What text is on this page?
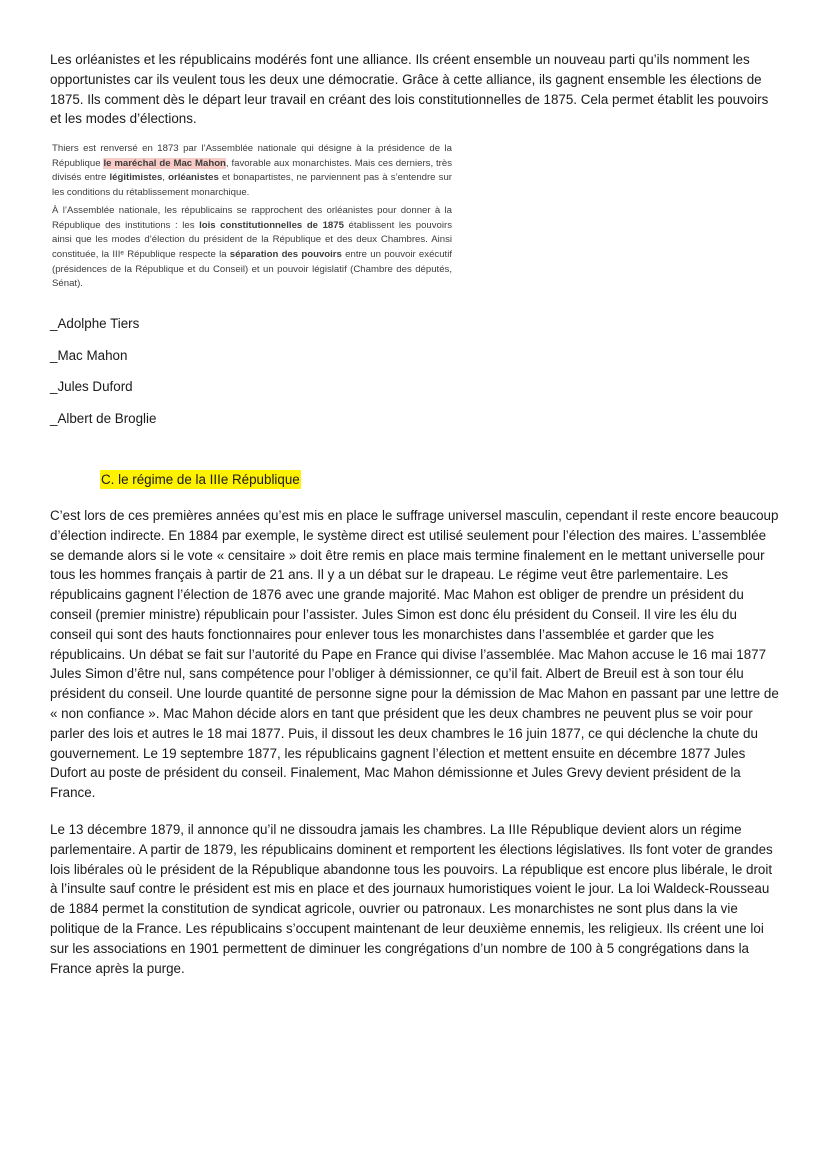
Les orléanistes et les républicains modérés font une alliance. Ils créent ensemble un nouveau parti qu’ils nomment les opportunistes car ils veulent tous les deux une démocratie. Grâce à cette alliance, ils gagnent ensemble les élections de 1875. Ils comment dès le départ leur travail en créant des lois constitutionnelles de 1875. Cela permet établit les pouvoirs et les modes d’élections.

Thiers est renversé en 1873 par l’Assemblée nationale qui désigne à la présidence de la République le maréchal de Mac Mahon, favorable aux monarchistes. Mais ces derniers, très divisés entre légitimistes, orléanistes et bonapartistes, ne parviennent pas à s’entendre sur les conditions du rétablissement monarchique.

À l’Assemblée nationale, les républicains se rapprochent des orléanistes pour donner à la République des institutions : les lois constitutionnelles de 1875 établissent les pouvoirs ainsi que les modes d’élection du président de la République et des deux Chambres. Ainsi constituée, la IIIᵉ République respecte la séparation des pouvoirs entre un pouvoir exécutif (présidences de la République et du Conseil) et un pouvoir législatif (Chambre des députés, Sénat).

_Adolphe Tiers
_Mac Mahon
_Jules Duford
_Albert de Broglie
C. le régime de la IIIe République

C’est lors de ces premières années qu’est mis en place le suffrage universel masculin, cependant il reste encore beaucoup d’élection indirecte. En 1884 par exemple, le système direct est utilisé seulement pour l’élection des maires. L’assemblée se demande alors si le vote « censitaire » doit être remis en place mais termine finalement en le mettant universelle pour tous les hommes français à partir de 21 ans. Il y a un débat sur le drapeau. Le régime veut être parlementaire. Les républicains gagnent l’élection de 1876 avec une grande majorité. Mac Mahon est obliger de prendre un président du conseil (premier ministre) républicain pour l’assister. Jules Simon est donc élu président du Conseil. Il vire les élu du conseil qui sont des hauts fonctionnaires pour enlever tous les monarchistes dans l’assemblée et garder que les républicains. Un débat se fait sur l’autorité du Pape en France qui divise l’assemblée. Mac Mahon accuse le 16 mai 1877 Jules Simon d’être nul, sans compétence pour l’obliger à démissionner, ce qu’il fait. Albert de Breuil est à son tour élu président du conseil. Une lourde quantité de personne signe pour la démission de Mac Mahon en passant par une lettre de « non confiance ». Mac Mahon décide alors en tant que président que les deux chambres ne peuvent plus se voir pour parler des lois et autres le 18 mai 1877. Puis, il dissout les deux chambres le 16 juin 1877, ce qui déclenche la chute du gouvernement. Le 19 septembre 1877, les républicains gagnent l’élection et mettent ensuite en décembre 1877 Jules Dufort au poste de président du conseil. Finalement, Mac Mahon démissionne et Jules Grevy devient président de la France.

Le 13 décembre 1879, il annonce qu’il ne dissoudra jamais les chambres. La IIIe République devient alors un régime parlementaire. A partir de 1879, les républicains dominent et remportent les élections législatives. Ils font voter de grandes lois libérales où le président de la République abandonne tous les pouvoirs. La république est encore plus libérale, le droit à l’insulte sauf contre le président est mis en place et des journaux humoristiques voient le jour. La loi Waldeck-Rousseau de 1884 permet la constitution de syndicat agricole, ouvrier ou patronaux. Les monarchistes ne sont plus dans la vie politique de la France. Les républicains s’occupent maintenant de leur deuxième ennemis, les religieux. Ils créent une loi sur les associations en 1901 permettent de diminuer les congrégations d’un nombre de 100 à 5 congrégations dans la France après la purge.
